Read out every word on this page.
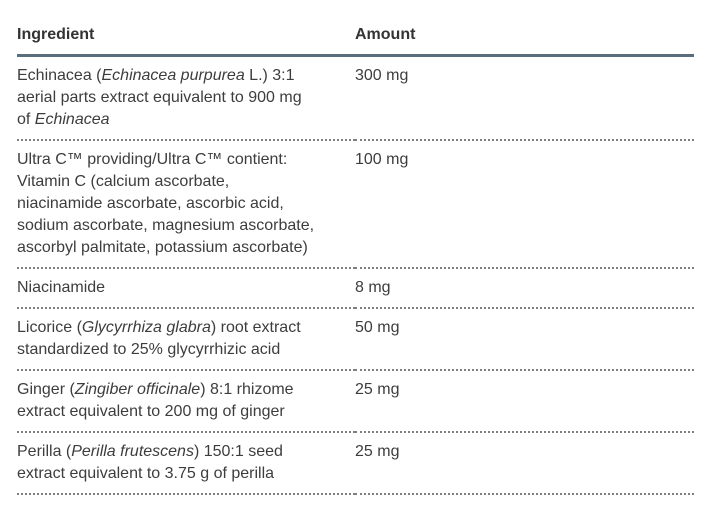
Ingredient	Amount

Echinacea (Echinacea purpurea L.) 3:1
aerial parts extract equivalent to 900 mg
of Echinacea	300 mg

Ultra C™ providing/Ultra C™ contient:
Vitamin C (calcium ascorbate,
niacinamide ascorbate, ascorbic acid,
sodium ascorbate, magnesium ascorbate,
ascorbyl palmitate, potassium ascorbate)	100 mg

Niacinamide	8 mg

Licorice (Glycyrrhiza glabra) root extract
standardized to 25% glycyrrhizic acid	50 mg

Ginger (Zingiber officinale) 8:1 rhizome
extract equivalent to 200 mg of ginger	25 mg

Perilla (Perilla frutescens) 150:1 seed
extract equivalent to 3.75 g of perilla	25 mg
